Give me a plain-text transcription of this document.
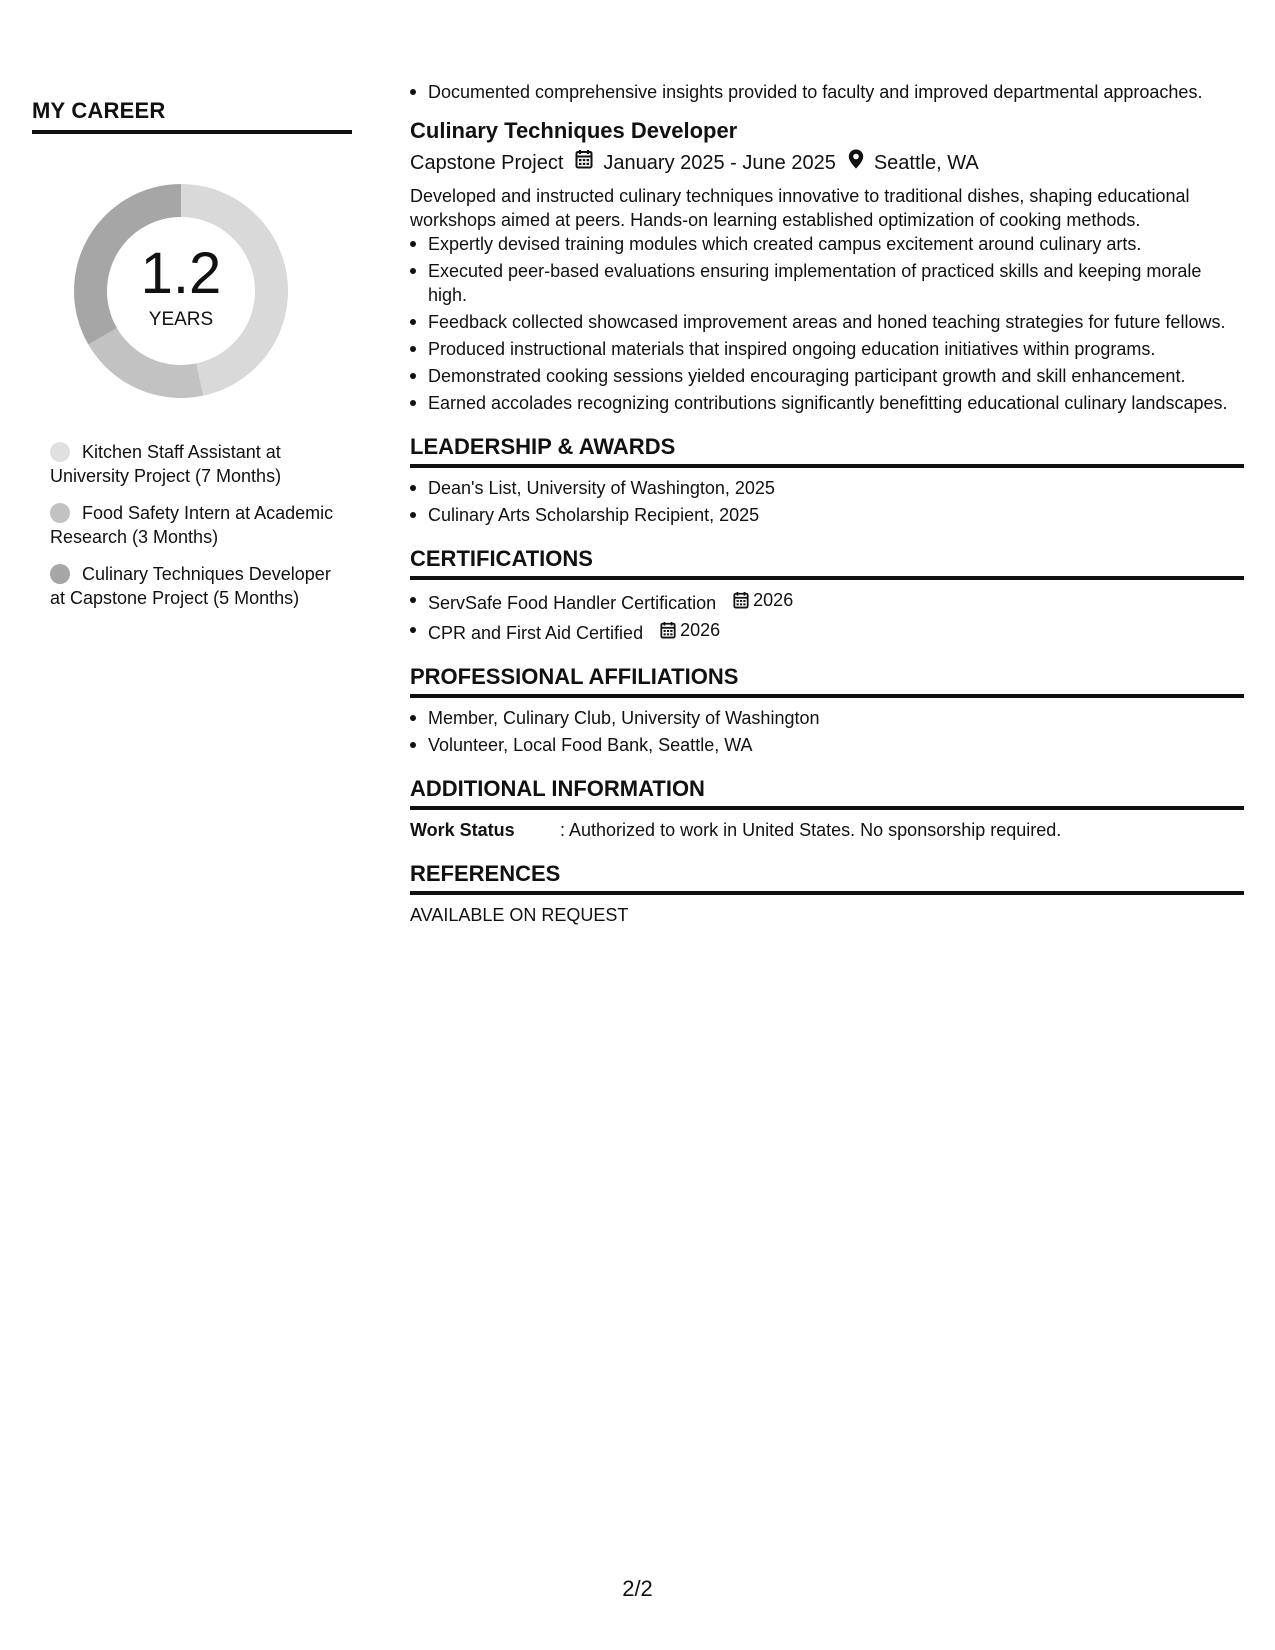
MY CAREER
1.2
YEARS
Kitchen Staff Assistant at University Project (7 Months)
Food Safety Intern at Academic Research (3 Months)
Culinary Techniques Developer at Capstone Project (5 Months)
Documented comprehensive insights provided to faculty and improved departmental approaches.
Culinary Techniques Developer
Capstone Project January 2025 - June 2025 Seattle, WA
Developed and instructed culinary techniques innovative to traditional dishes, shaping educational workshops aimed at peers. Hands-on learning established optimization of cooking methods.
Expertly devised training modules which created campus excitement around culinary arts.
Executed peer-based evaluations ensuring implementation of practiced skills and keeping morale high.
Feedback collected showcased improvement areas and honed teaching strategies for future fellows.
Produced instructional materials that inspired ongoing education initiatives within programs.
Demonstrated cooking sessions yielded encouraging participant growth and skill enhancement.
Earned accolades recognizing contributions significantly benefitting educational culinary landscapes.
LEADERSHIP & AWARDS
Dean's List, University of Washington, 2025
Culinary Arts Scholarship Recipient, 2025
CERTIFICATIONS
ServSafe Food Handler Certification 2026
CPR and First Aid Certified 2026
PROFESSIONAL AFFILIATIONS
Member, Culinary Club, University of Washington
Volunteer, Local Food Bank, Seattle, WA
ADDITIONAL INFORMATION
Work Status	: Authorized to work in United States. No sponsorship required.
REFERENCES
AVAILABLE ON REQUEST
2/2
